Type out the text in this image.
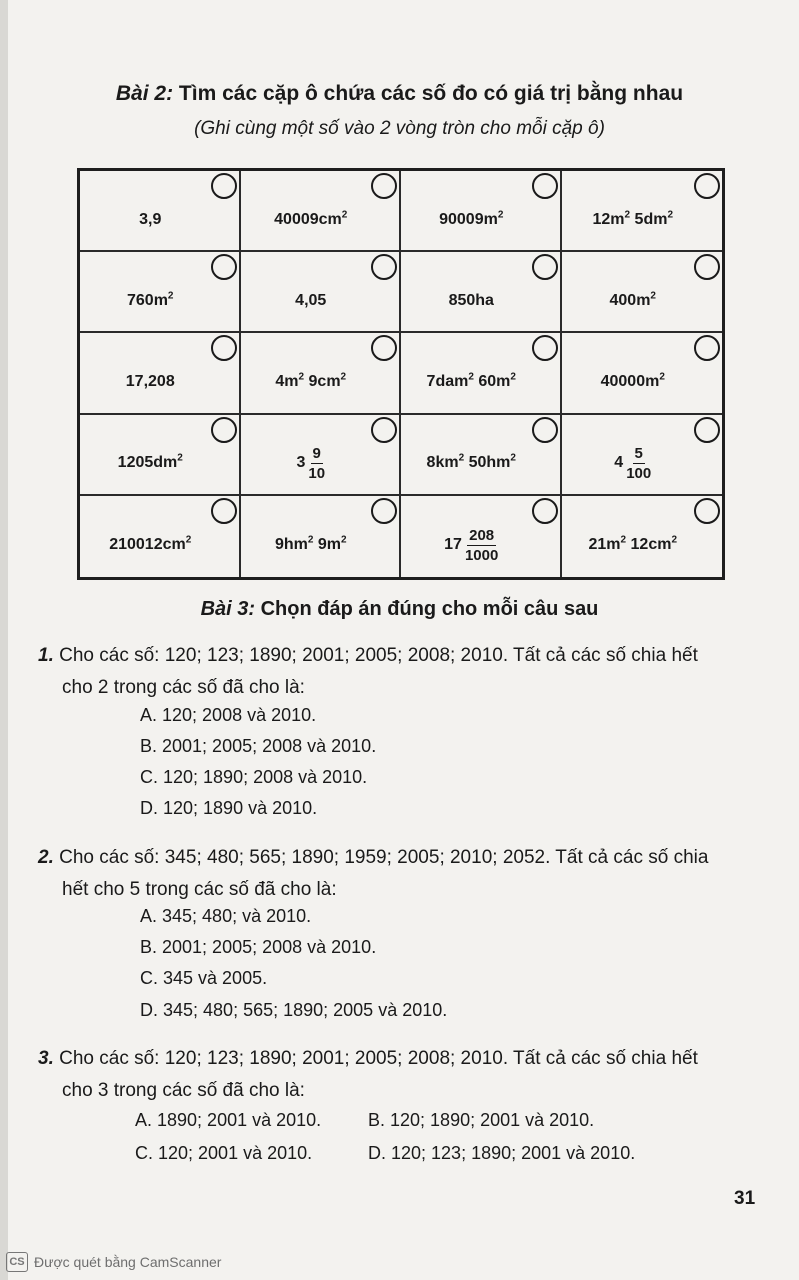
Bài 2: Tìm các cặp ô chứa các số đo có giá trị bằng nhau
(Ghi cùng một số vào 2 vòng tròn cho mỗi cặp ô)
3,9	$40009cm^2$	$90009m^2$	$12m^2$ $5dm^2$
$760m^2$	4,05	850ha	$400m^2$
17,208	$4m^2$ $9cm^2$	7dam$^2$ $60m^2$	$40000m^2$
$1205dm^2$	$3 \frac{9}{10}$	$8km^2$ $50hm^2$	$4 \frac{5}{100}$
$210012cm^2$	$9hm^2$ $9m^2$	$17 \frac{208}{1000}$	$21m^2$ $12cm^2$
Bài 3: Chọn đáp án đúng cho mỗi câu sau
1. Cho các số: 120; 123; 1890; 2001; 2005; 2008; 2010. Tất cả các số chia hết
cho 2 trong các số đã cho là:
A. 120; 2008 và 2010.
B. 2001; 2005; 2008 và 2010.
C. 120; 1890; 2008 và 2010.
D. 120; 1890 và 2010.
2. Cho các số: 345; 480; 565; 1890; 1959; 2005; 2010; 2052. Tất cả các số chia
hết cho 5 trong các số đã cho là:
A. 345; 480; và 2010.
B. 2001; 2005; 2008 và 2010.
C. 345 và 2005.
D. 345; 480; 565; 1890; 2005 và 2010.
3. Cho các số: 120; 123; 1890; 2001; 2005; 2008; 2010. Tất cả các số chia hết
cho 3 trong các số đã cho là:
A. 1890; 2001 và 2010.	B. 120; 1890; 2001 và 2010.
C. 120; 2001 và 2010.	D. 120; 123; 1890; 2001 và 2010.
31
CS Được quét bằng CamScanner
